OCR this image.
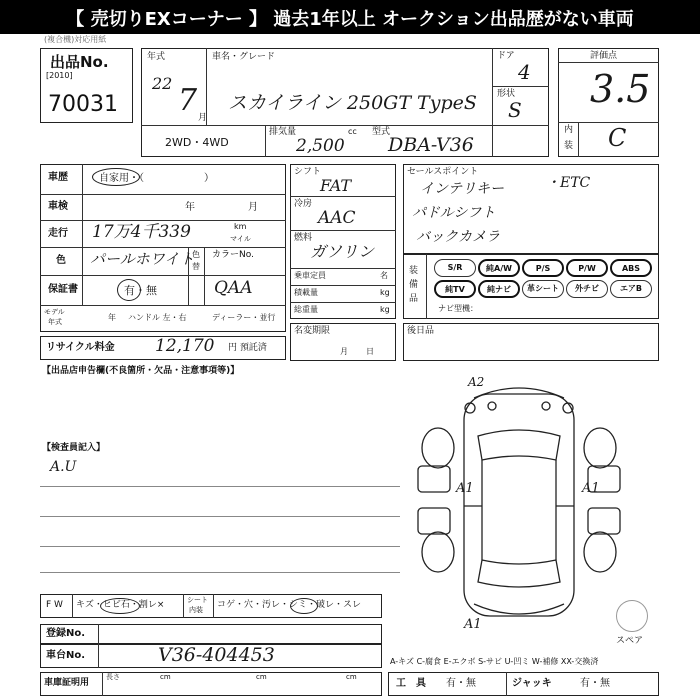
【 売切りEXコーナー 】 過去1年以上 オークション出品歴がない車両
(複合機)対応用紙
出品No.
[2010]
70031
年式
22 7 月
車名・グレード
スカイライン 250GT TypeS
ドア
4
形状
S
2WD・4WD
排気量	cc
2,500
型式
DBA-V36
評価点
3.5
内
装 C
車歴	自家用・（　　　　　　）
車検	年	月
走行 17万4千339	km
マイル
色 パールホワイト
色
替
カラーNo.
保証書	有・無	QAA
モデル
年式	年 ハンドル 左・右	ディーラー・並行
リサイクル料金 12,170 円 預託済
【出品店申告欄(不良箇所・欠品・注意事項等)】
シフト
FAT
冷房
AAC
燃料
ガソリン
乗車定員	名
積載量	kg
総重量	kg
名変期限
月日
セールスポイント
インテリキー	・ETC
パドルシフト
バックカメラ
装備品
S/R	純A/W	P/S	P/W	ABS
純TV	純ナビ	革シート	外チビ	エアB
ナビ型機：
後日品
【検査員記入】
A.U
A2
A1	A1
A1
スペア
F W キズ・ヒビ石・割レ×	シート
内装 コゲ・穴・汚レ・シミ・破レ・スレ
登録No.
車台No.	V36-404453	A-キズ C-腐食 E-エクボ S-サビ U-凹ミ W-補修 XX-交換済
車庫証明用
長さ	cm	cm	cm
工　具 有・無	ジャッキ	有・無
